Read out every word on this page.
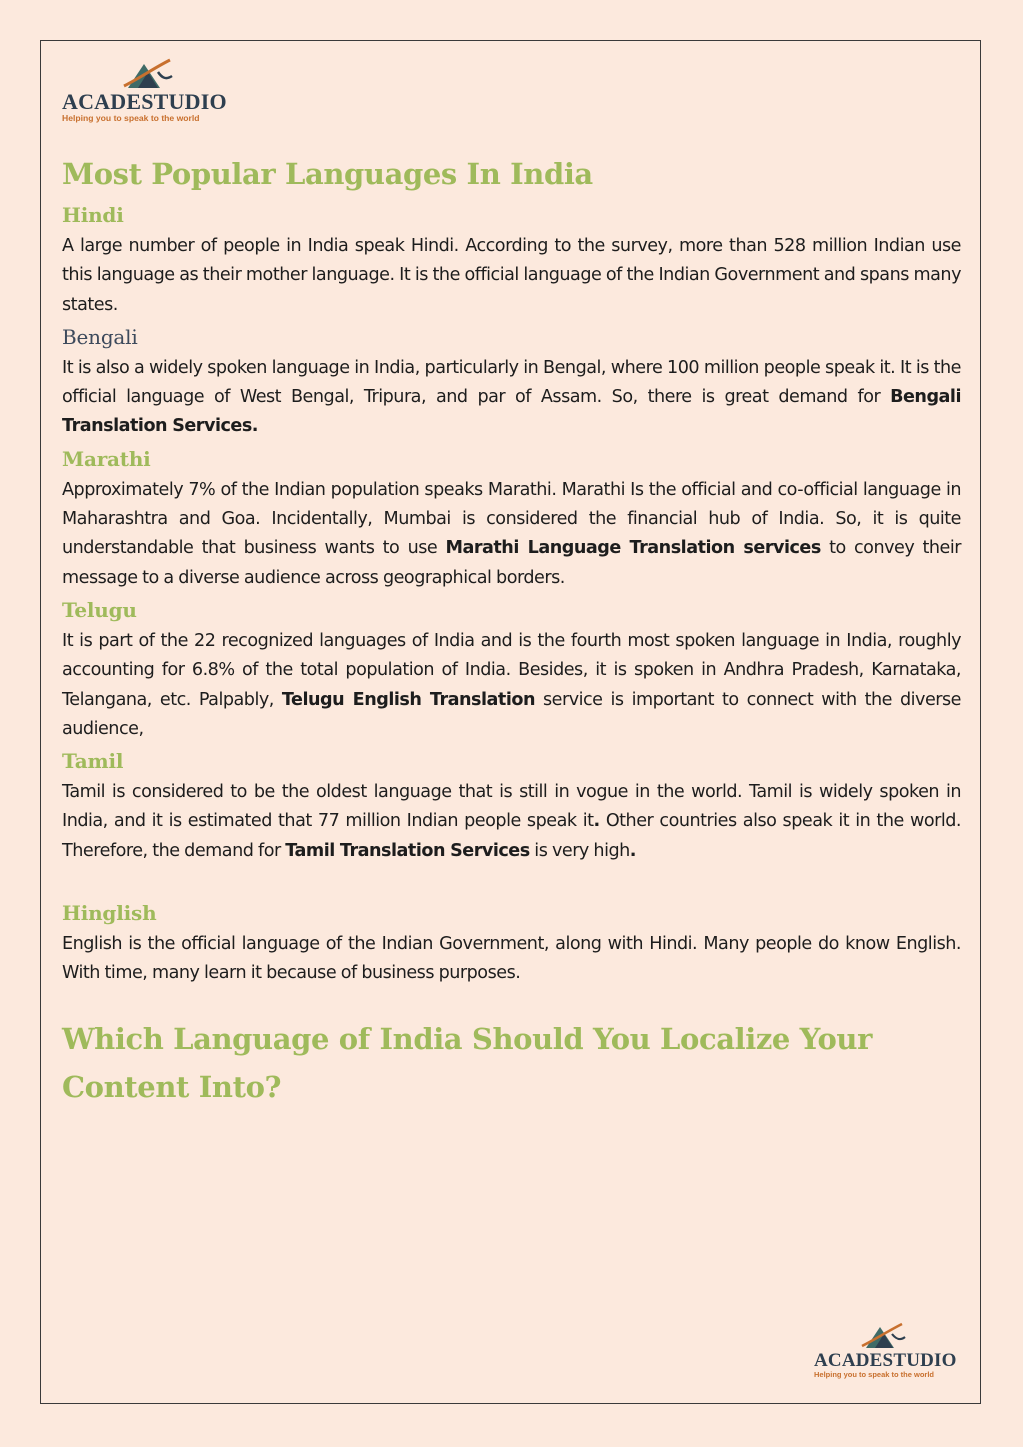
ACADESTUDIO
Helping you to speak to the world
Most Popular Languages In India
Hindi

A large number of people in India speak Hindi. According to the survey, more than 528 million Indian use this language as their mother language. It is the official language of the Indian Government and spans many states.

Bengali

It is also a widely spoken language in India, particularly in Bengal, where 100 million people speak it. It is the official language of West Bengal, Tripura, and par of Assam. So, there is great demand for Bengali Translation Services.

Marathi

Approximately 7% of the Indian population speaks Marathi. Marathi Is the official and co-official language in Maharashtra and Goa. Incidentally, Mumbai is considered the financial hub of India. So, it is quite understandable that business wants to use Marathi Language Translation services to convey their message to a diverse audience across geographical borders.

Telugu

It is part of the 22 recognized languages of India and is the fourth most spoken language in India, roughly accounting for 6.8% of the total population of India. Besides, it is spoken in Andhra Pradesh, Karnataka, Telangana, etc. Palpably, Telugu English Translation service is important to connect with the diverse audience,

Tamil

Tamil is considered to be the oldest language that is still in vogue in the world. Tamil is widely spoken in India, and it is estimated that 77 million Indian people speak it. Other countries also speak it in the world. Therefore, the demand for Tamil Translation Services is very high.

Hinglish

English is the official language of the Indian Government, along with Hindi. Many people do know English. With time, many learn it because of business purposes.

Which Language of India Should You Localize Your Content Into?
ACADESTUDIO
Helping you to speak to the world
